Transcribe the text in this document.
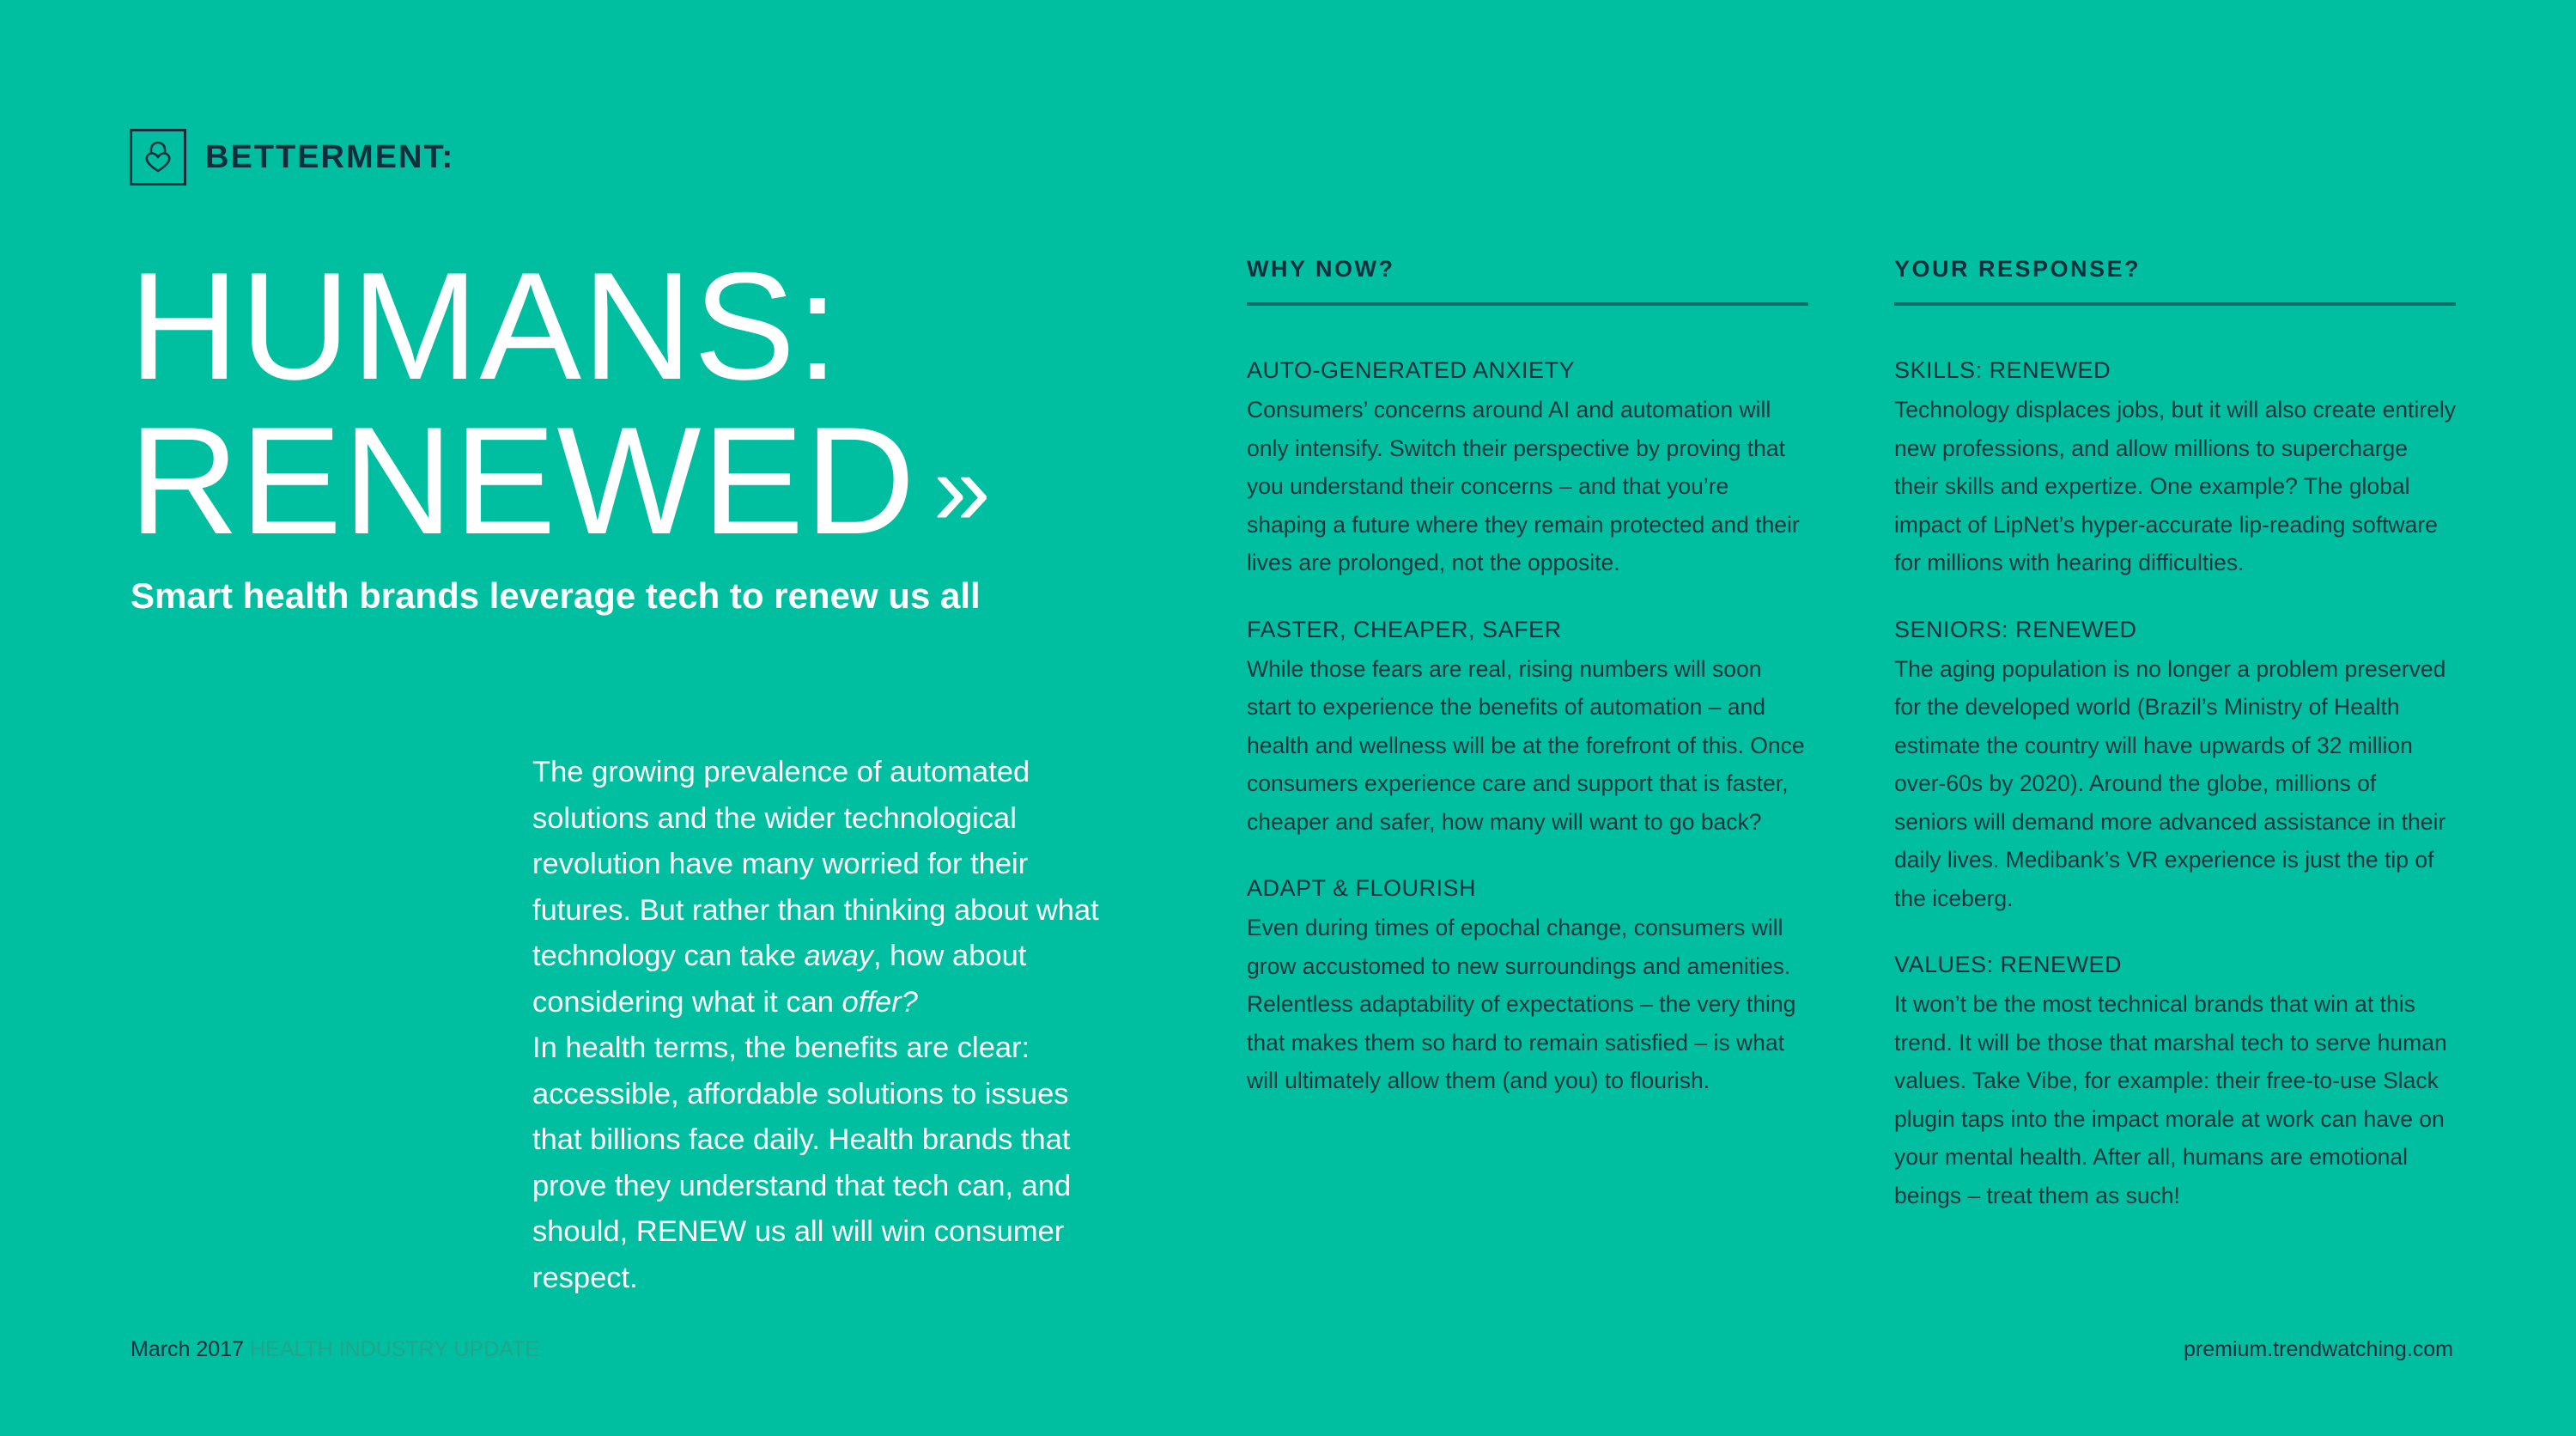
BETTERMENT:
HUMANS:
RENEWED »
Smart health brands leverage tech to renew us all

The growing prevalence of automated solutions and the wider technological revolution have many worried for their futures. But rather than thinking about what technology can take away, how about considering what it can offer?

In health terms, the benefits are clear: accessible, affordable solutions to issues that billions face daily. Health brands that prove they understand that tech can, and should, RENEW us all will win consumer respect.

WHY NOW?
AUTO-GENERATED ANXIETY

Consumers’ concerns around AI and automation will only intensify. Switch their perspective by proving that you understand their concerns – and that you’re shaping a future where they remain protected and their lives are prolonged, not the opposite.

FASTER, CHEAPER, SAFER

While those fears are real, rising numbers will soon start to experience the benefits of automation – and health and wellness will be at the forefront of this. Once consumers experience care and support that is faster, cheaper and safer, how many will want to go back?

ADAPT & FLOURISH

Even during times of epochal change, consumers will grow accustomed to new surroundings and amenities. Relentless adaptability of expectations – the very thing that makes them so hard to remain satisfied – is what will ultimately allow them (and you) to flourish.

YOUR RESPONSE?
SKILLS: RENEWED

Technology displaces jobs, but it will also create entirely new professions, and allow millions to supercharge their skills and expertize. One example? The global impact of LipNet’s hyper-accurate lip-reading software for millions with hearing difficulties.

SENIORS: RENEWED

The aging population is no longer a problem preserved for the developed world (Brazil’s Ministry of Health estimate the country will have upwards of 32 million over-60s by 2020). Around the globe, millions of seniors will demand more advanced assistance in their daily lives. Medibank’s VR experience is just the tip of the iceberg.

VALUES: RENEWED

It won’t be the most technical brands that win at this trend. It will be those that marshal tech to serve human values. Take Vibe, for example: their free-to-use Slack plugin taps into the impact morale at work can have on your mental health. After all, humans are emotional beings – treat them as such!

March 2017 HEALTH INDUSTRY UPDATE	premium.trendwatching.com
